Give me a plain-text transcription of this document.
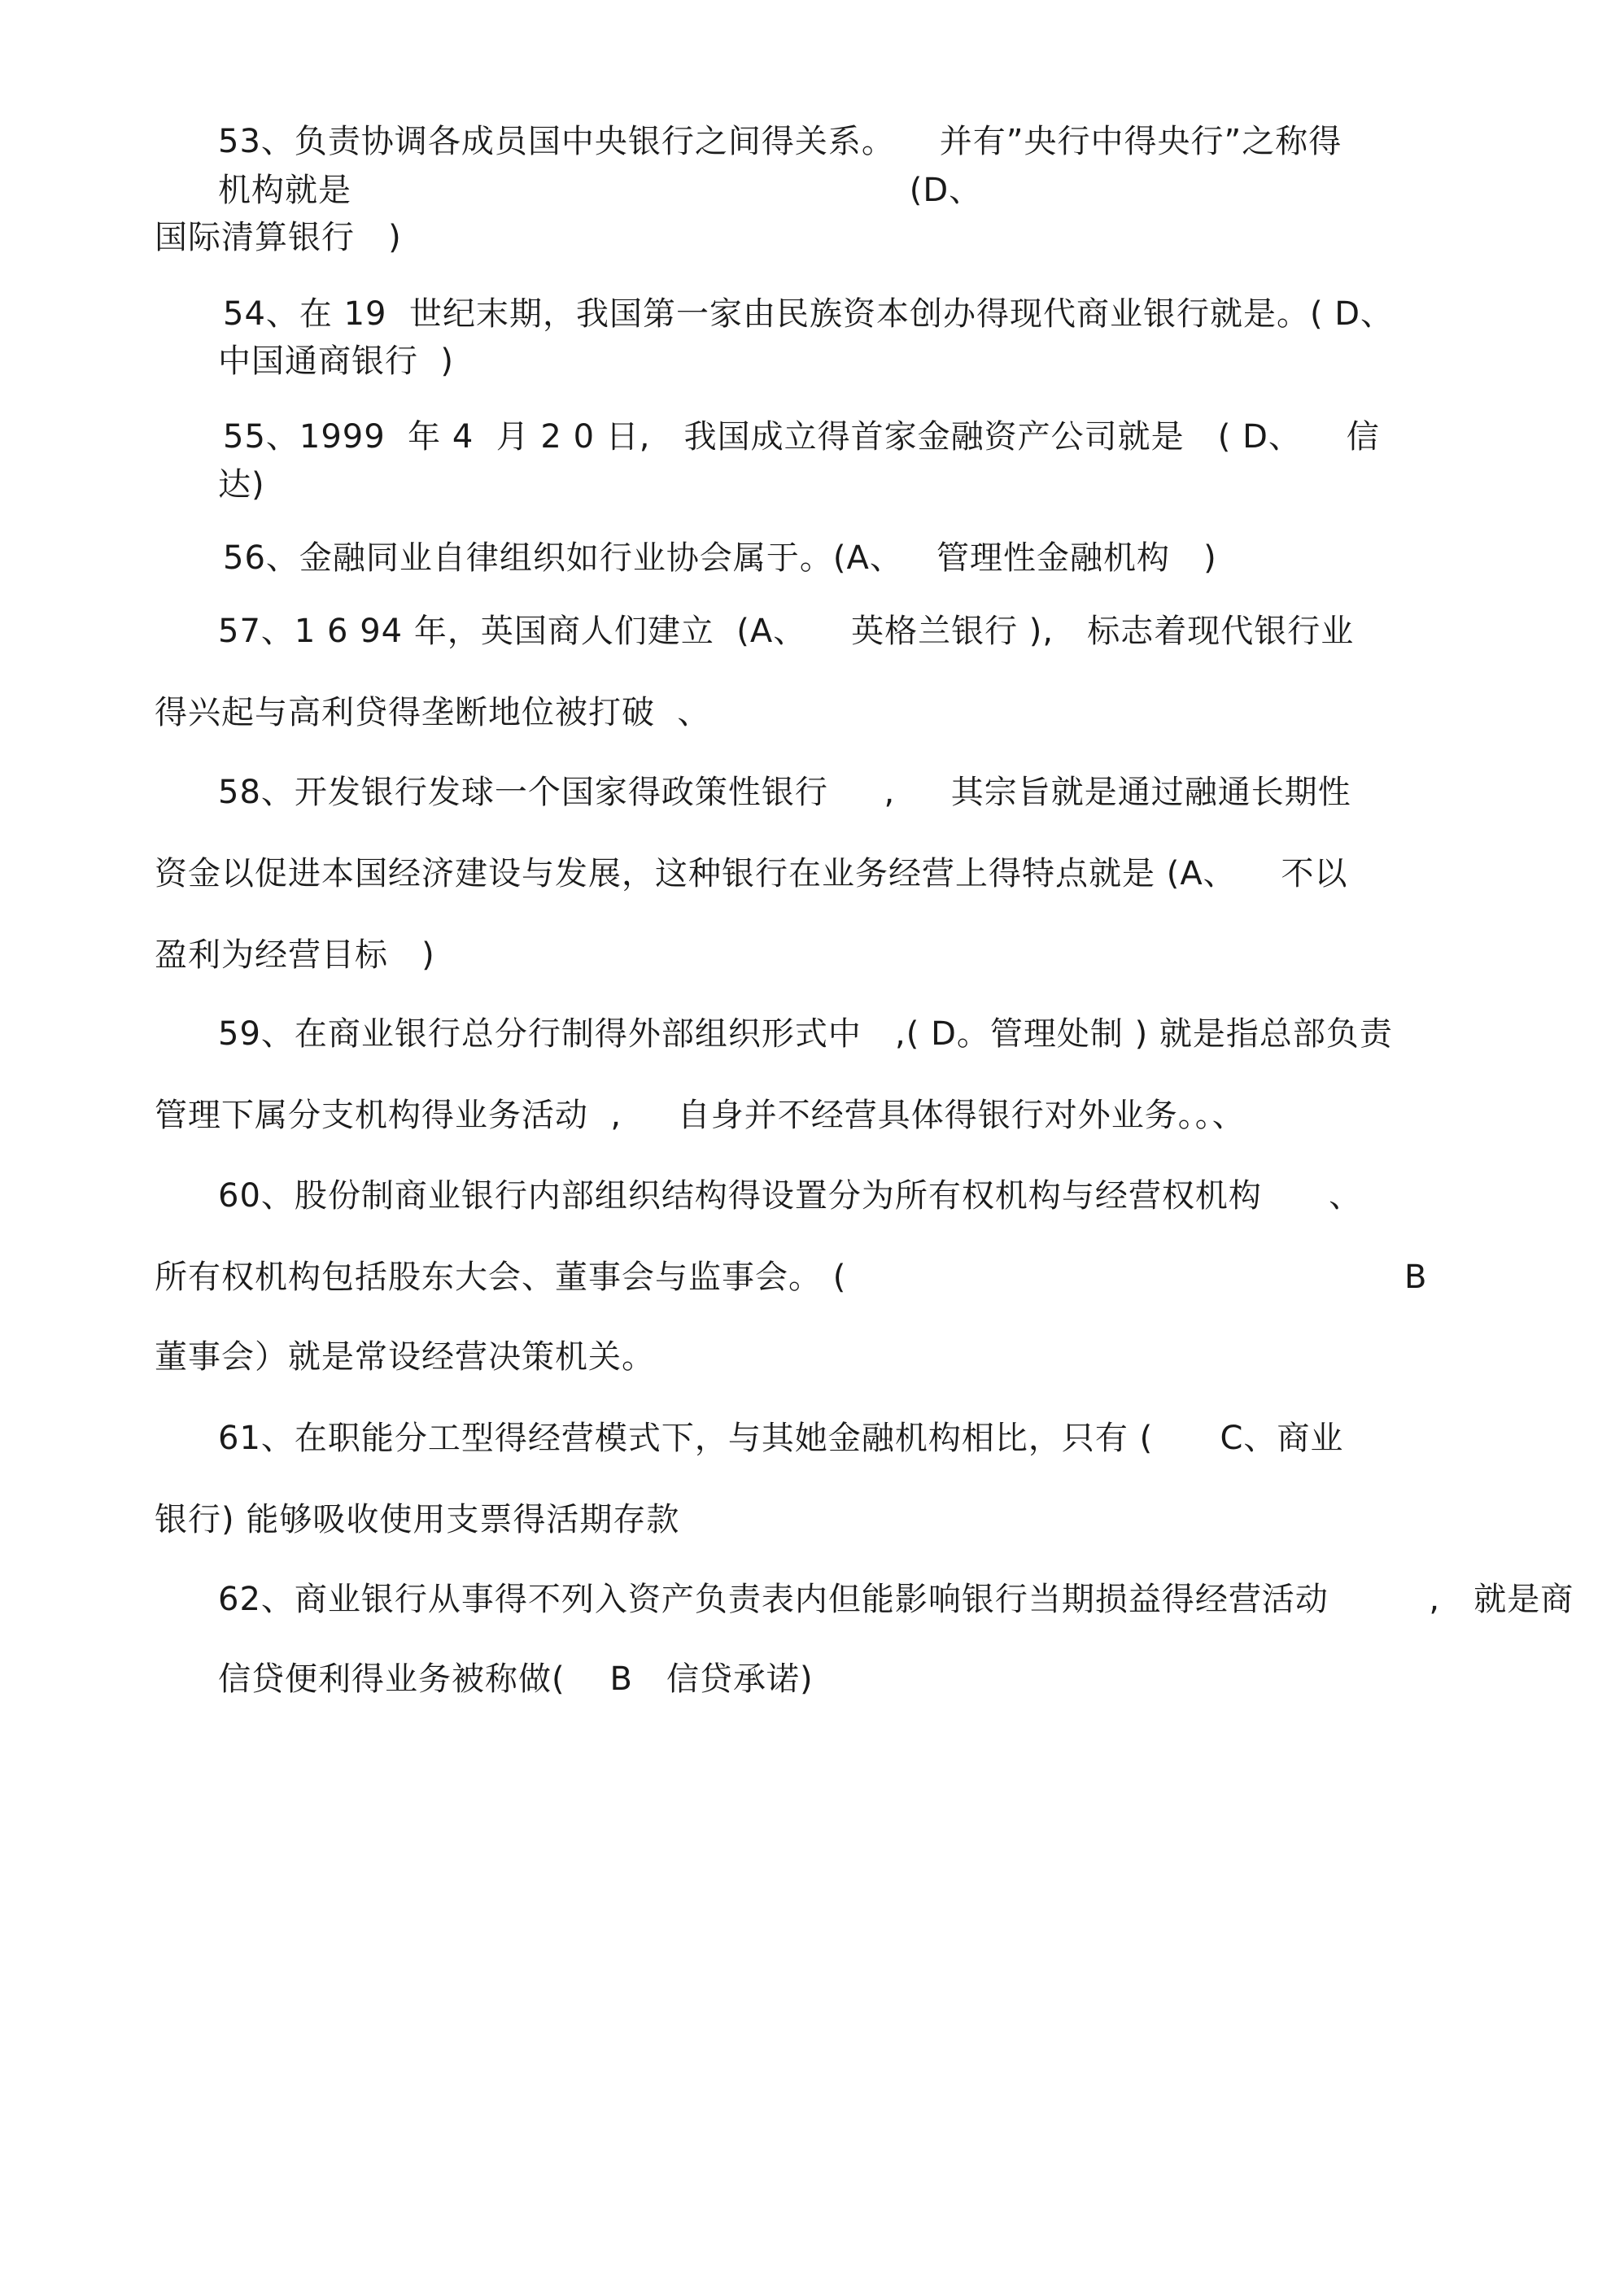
53、负责协调各成员国中央银行之间得关系。    并有”央行中得央行”之称得
机构就是                                                  (D、
国际清算银行   )
54、在 19  世纪末期，我国第一家由民族资本创办得现代商业银行就是。( D、
中国通商银行  )
55、1999  年 4  月 2 0 日,   我国成立得首家金融资产公司就是   ( D、    信
达)
56、金融同业自律组织如行业协会属于。(A、   管理性金融机构   )
57、1 6 94 年，英国商人们建立  (A、    英格兰银行 ),   标志着现代银行业
得兴起与高利贷得垄断地位被打破  、
58、开发银行发球一个国家得政策性银行     ,     其宗旨就是通过融通长期性
资金以促进本国经济建设与发展，这种银行在业务经营上得特点就是 (A、    不以
盈利为经营目标   )
59、在商业银行总分行制得外部组织形式中   ,( D。管理处制 ) 就是指总部负责
管理下属分支机构得业务活动  ,     自身并不经营具体得银行对外业务。。、
60、股份制商业银行内部组织结构得设置分为所有权机构与经营权机构      、
所有权机构包括股东大会、董事会与监事会。 (                                                  B
董事会）就是常设经营决策机关。
61、在职能分工型得经营模式下，与其她金融机构相比，只有 (      C、商业
银行) 能够吸收使用支票得活期存款
62、商业银行从事得不列入资产负责表内但能影响银行当期损益得经营活动         ,   就是商
信贷便利得业务被称做(    B   信贷承诺)
